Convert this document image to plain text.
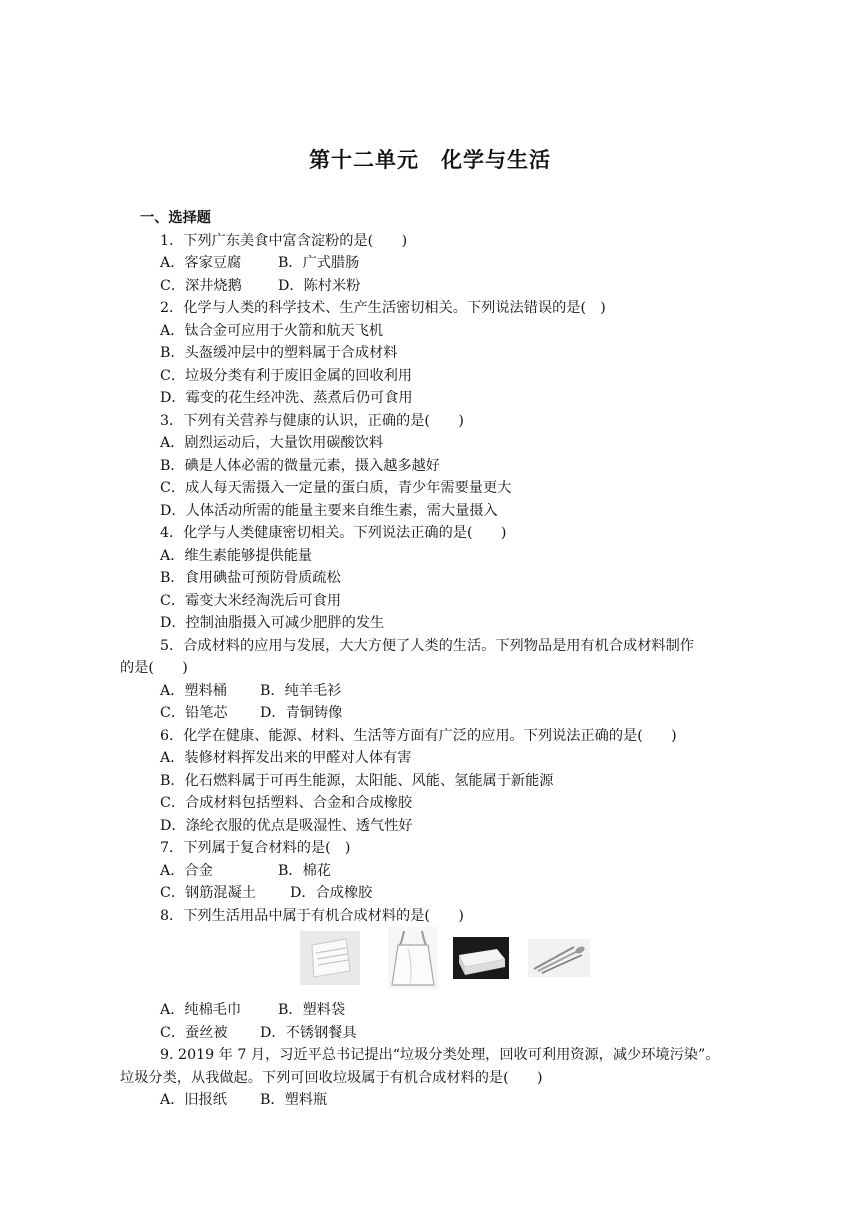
第十二单元 化学与生活
一、选择题
1．下列广东美食中富含淀粉的是(　　)
A．客家豆腐	B．广式腊肠
C．深井烧鹅	D．陈村米粉
2．化学与人类的科学技术、生产生活密切相关。下列说法错误的是(　)
A．钛合金可应用于火箭和航天飞机
B．头盔缓冲层中的塑料属于合成材料
C．垃圾分类有利于废旧金属的回收利用
D．霉变的花生经冲洗、蒸煮后仍可食用
3．下列有关营养与健康的认识，正确的是(　　)
A．剧烈运动后，大量饮用碳酸饮料
B．碘是人体必需的微量元素，摄入越多越好
C．成人每天需摄入一定量的蛋白质，青少年需要量更大
D．人体活动所需的能量主要来自维生素，需大量摄入
4．化学与人类健康密切相关。下列说法正确的是(　　)
A．维生素能够提供能量
B．食用碘盐可预防骨质疏松
C．霉变大米经淘洗后可食用
D．控制油脂摄入可减少肥胖的发生
5．合成材料的应用与发展，大大方便了人类的生活。下列物品是用有机合成材料制作
的是(　　)
A．塑料桶 B．纯羊毛衫
C．铅笔芯 D．青铜铸像
6．化学在健康、能源、材料、生活等方面有广泛的应用。下列说法正确的是(　　)
A．装修材料挥发出来的甲醛对人体有害
B．化石燃料属于可再生能源，太阳能、风能、氢能属于新能源
C．合成材料包括塑料、合金和合成橡胶
D．涤纶衣服的优点是吸湿性、透气性好
7．下列属于复合材料的是(　)
A．合金	B．棉花
C．钢筋混凝土 D．合成橡胶
8．下列生活用品中属于有机合成材料的是(　　)
A．纯棉毛巾	B．塑料袋
C．蚕丝被 D．不锈钢餐具
9. 2019 年 7 月，习近平总书记提出“垃圾分类处理，回收可利用资源，减少环境污染”。
垃圾分类，从我做起。下列可回收垃圾属于有机合成材料的是(　　)
A．旧报纸 B．塑料瓶
